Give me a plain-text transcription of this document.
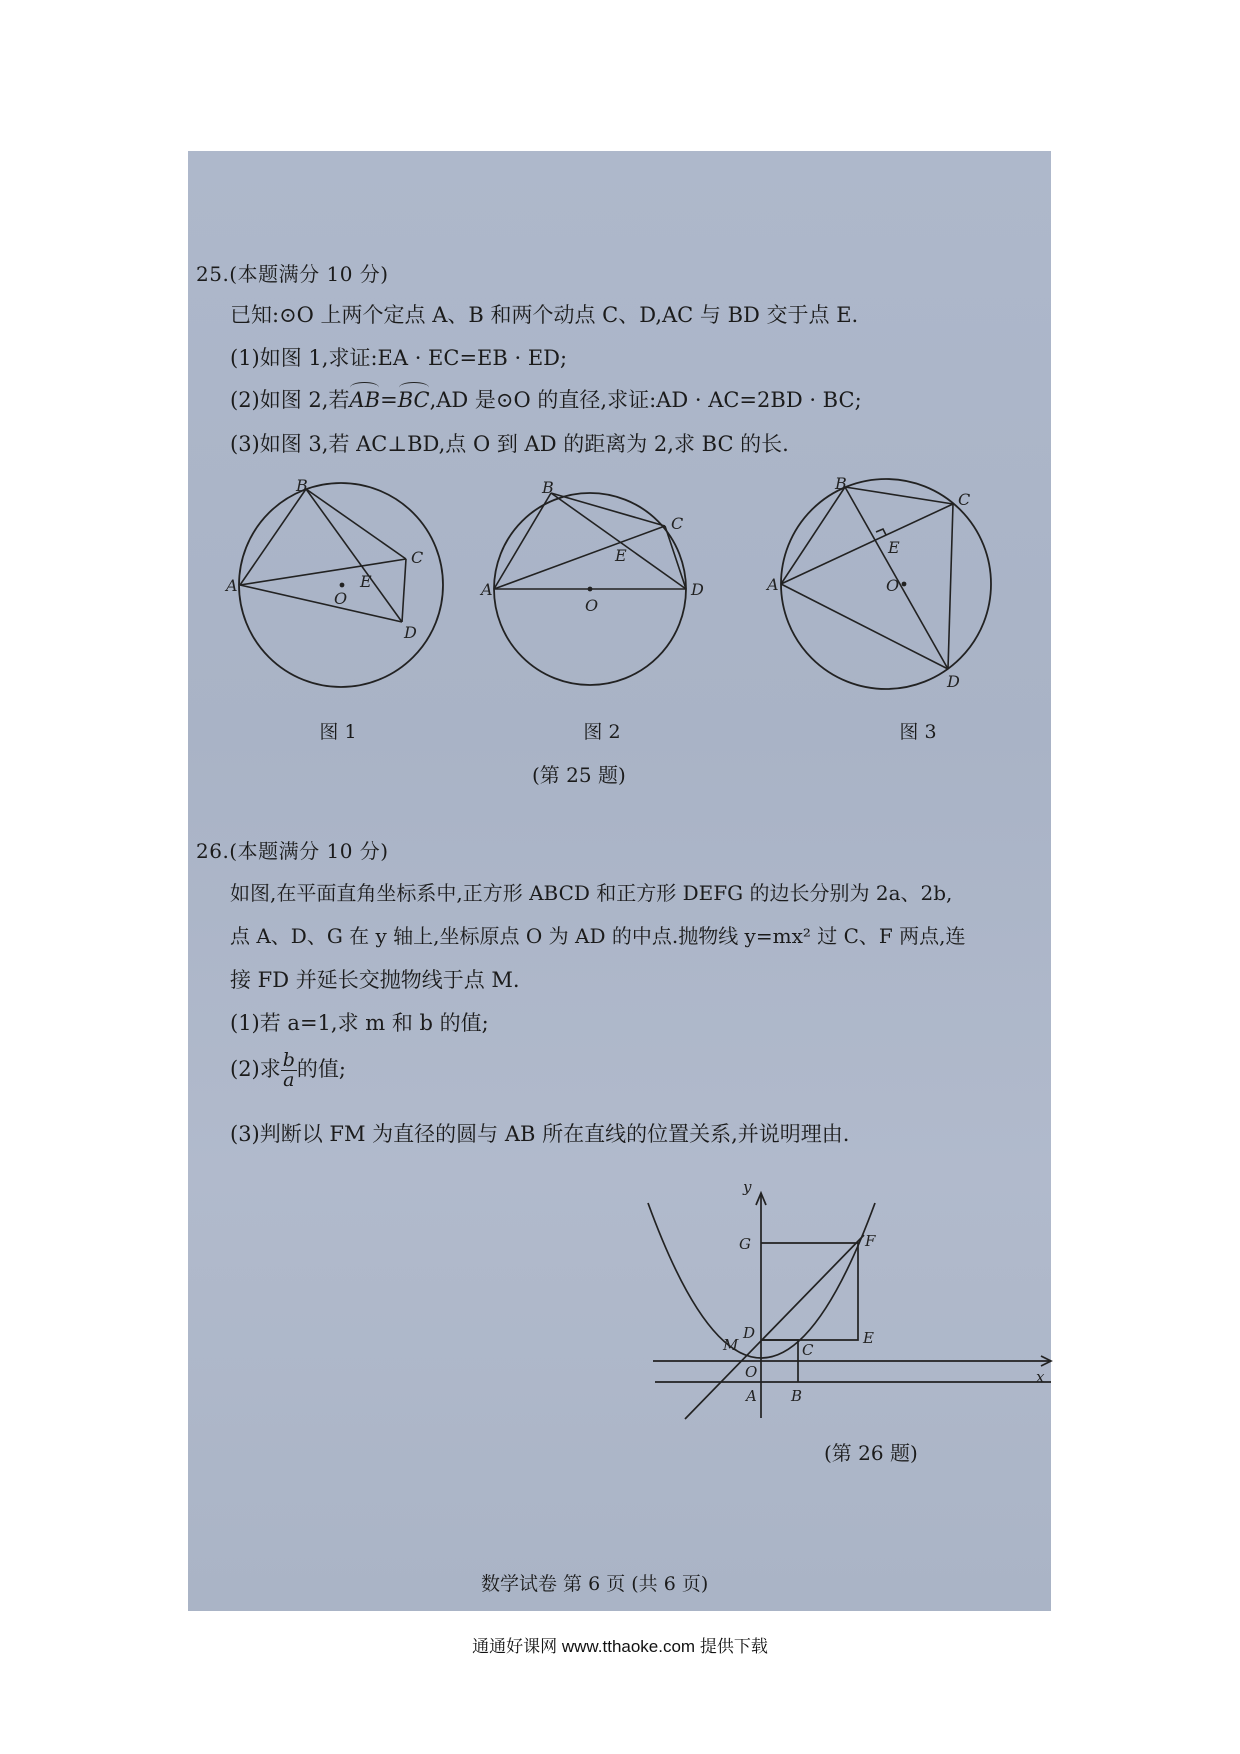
25.(本题满分 10 分)
已知:⊙O 上两个定点 A、B 和两个动点 C、D,AC 与 BD 交于点 E.
(1)如图 1,求证:EA · EC=EB · ED;
(2)如图 2,若
AB=
BC,AD 是⊙O 的直径,求证:AD · AC=2BD · BC;
(3)如图 3,若 AC⊥BD,点 O 到 AD 的距离为 2,求 BC 的长.
B
A
C
D
E
O
图 1
B
A
C
D
E
O
图 2
B
A
C
D
E
O
图 3
(第 25 题)
26.(本题满分 10 分)
如图,在平面直角坐标系中,正方形 ABCD 和正方形 DEFG 的边长分别为 2a、2b,
点 A、D、G 在 y 轴上,坐标原点 O 为 AD 的中点.抛物线 y=mx² 过 C、F 两点,连
接 FD 并延长交抛物线于点 M.
(1)若 a=1,求 m 和 b 的值;
(2)求 $\frac{b}{a}$ 的值;
(3)判断以 FM 为直径的圆与 AB 所在直线的位置关系,并说明理由.
y
x
G	F
D	E
M	C
O
A B
(第 26 题)
数学试卷 第 6 页 (共 6 页)
通通好课网 www.tthaoke.com 提供下载
